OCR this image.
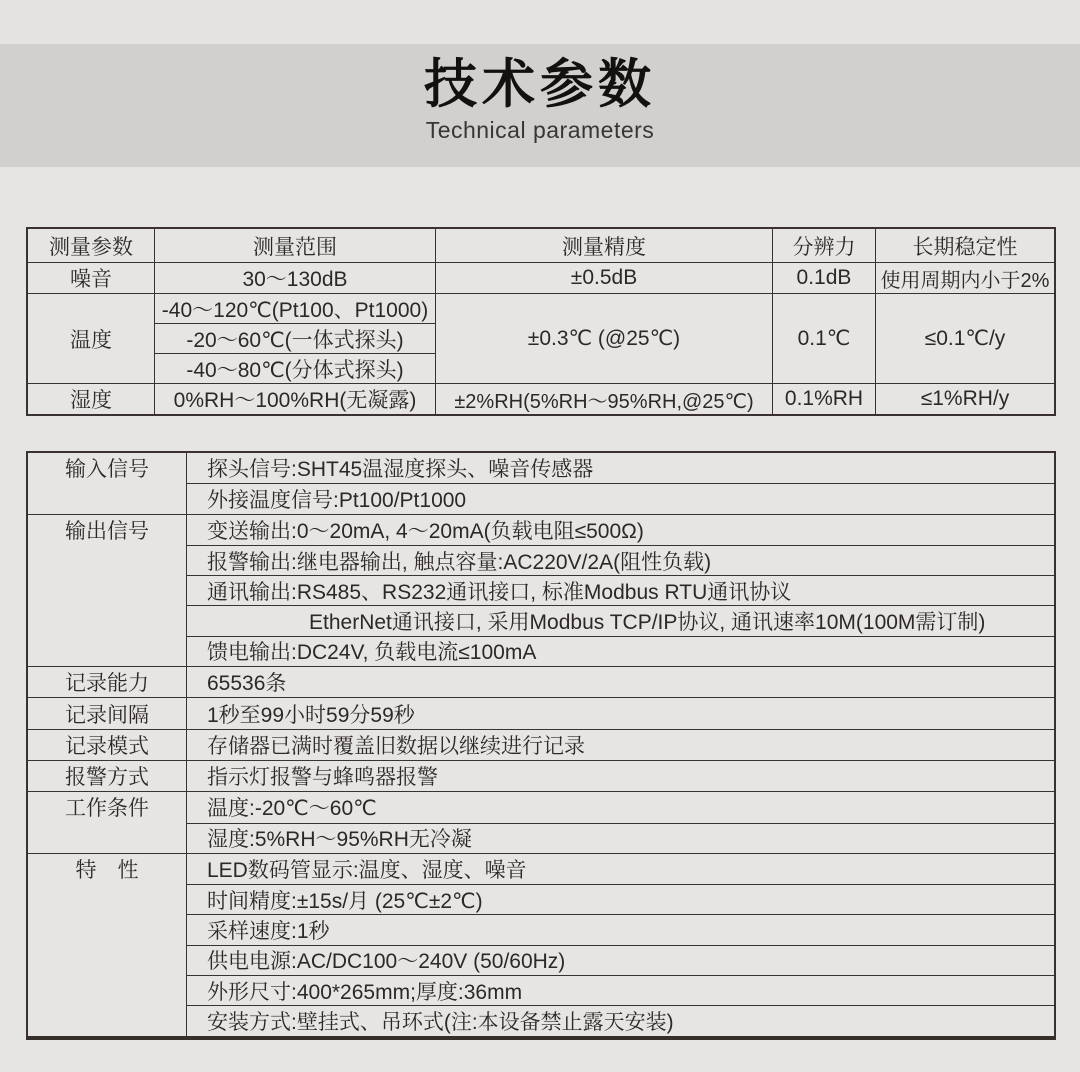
技术参数
Technical parameters
测量参数	测量范围	测量精度	分辨力	长期稳定性
噪音	30～130dB	±0.5dB	0.1dB	使用周期内小于2%
温度
-40～120℃(Pt100、Pt1000)
-20～60℃(一体式探头)
-40～80℃(分体式探头)
±0.3℃ (@25℃)	0.1℃	≤0.1℃/y
湿度	0%RH～100%RH(无凝露)	±2%RH(5%RH～95%RH,@25℃)	0.1%RH	≤1%RH/y
输入信号	探头信号:SHT45温湿度探头、噪音传感器
外接温度信号:Pt100/Pt1000
输出信号	变送输出:0～20mA, 4～20mA(负载电阻≤500Ω)
报警输出:继电器输出, 触点容量:AC220V/2A(阻性负载)
通讯输出:RS485、RS232通讯接口, 标准Modbus RTU通讯协议
EtherNet通讯接口, 采用Modbus TCP/IP协议, 通讯速率10M(100M需订制)
馈电输出:DC24V, 负载电流≤100mA
记录能力	65536条
记录间隔	1秒至99小时59分59秒
记录模式	存储器已满时覆盖旧数据以继续进行记录
报警方式	指示灯报警与蜂鸣器报警
工作条件	温度:-20℃～60℃
湿度:5%RH～95%RH无冷凝
特　性	LED数码管显示:温度、湿度、噪音
时间精度:±15s/月 (25℃±2℃)
采样速度:1秒
供电电源:AC/DC100～240V (50/60Hz)
外形尺寸:400*265mm;厚度:36mm
安装方式:壁挂式、吊环式(注:本设备禁止露天安装)
